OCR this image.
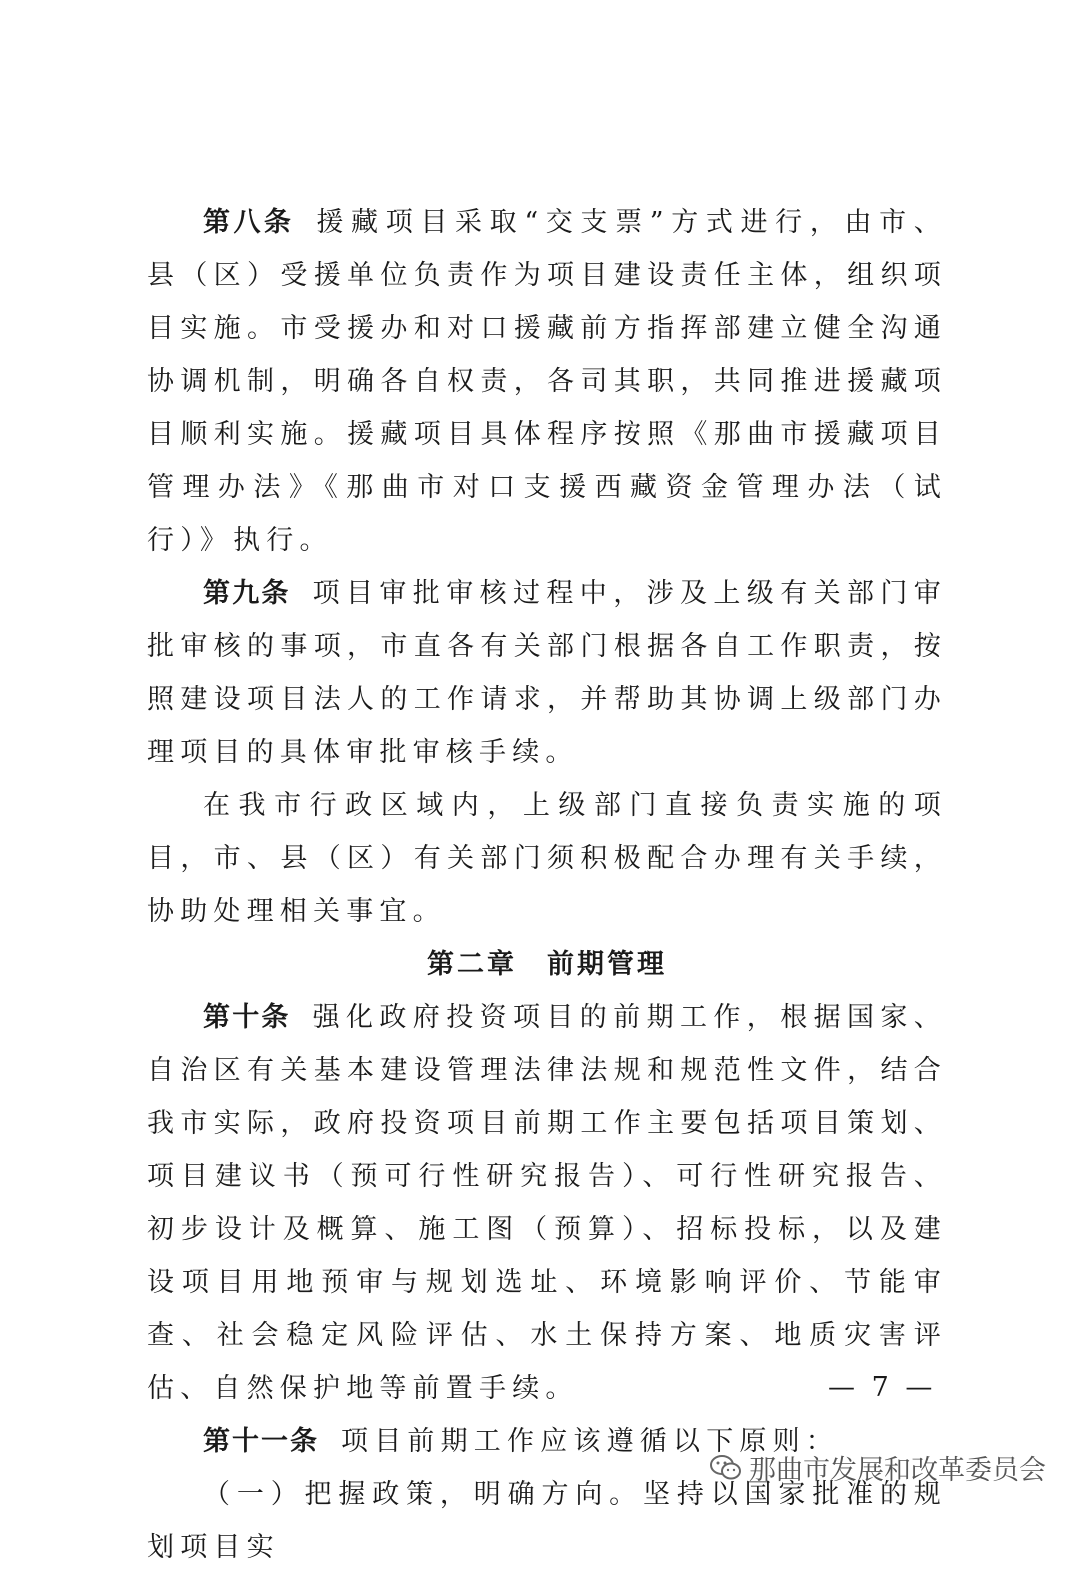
第八条 援藏项目采取“交支票”方式进行，由市、县（区）受援单位负责作为项目建设责任主体，组织项目实施。市受援办和对口援藏前方指挥部建立健全沟通协调机制，明确各自权责，各司其职，共同推进援藏项目顺利实施。援藏项目具体程序按照《那曲市援藏项目管理办法》《那曲市对口支援西藏资金管理办法（试行）》执行。

第九条 项目审批审核过程中，涉及上级有关部门审批审核的事项，市直各有关部门根据各自工作职责，按照建设项目法人的工作请求，并帮助其协调上级部门办理项目的具体审批审核手续。

在我市行政区域内，上级部门直接负责实施的项目，市、县（区）有关部门须积极配合办理有关手续，协助处理相关事宜。

第二章 前期管理

第十条 强化政府投资项目的前期工作，根据国家、自治区有关基本建设管理法律法规和规范性文件，结合我市实际，政府投资项目前期工作主要包括项目策划、项目建议书（预可行性研究报告）、可行性研究报告、初步设计及概算、施工图（预算）、招标投标，以及建设项目用地预审与规划选址、环境影响评价、节能审查、社会稳定风险评估、水土保持方案、地质灾害评估、自然保护地等前置手续。

第十一条 项目前期工作应该遵循以下原则：

（一）把握政策，明确方向。坚持以国家批准的规划项目实

— 7 —
那曲市发展和改革委员会
